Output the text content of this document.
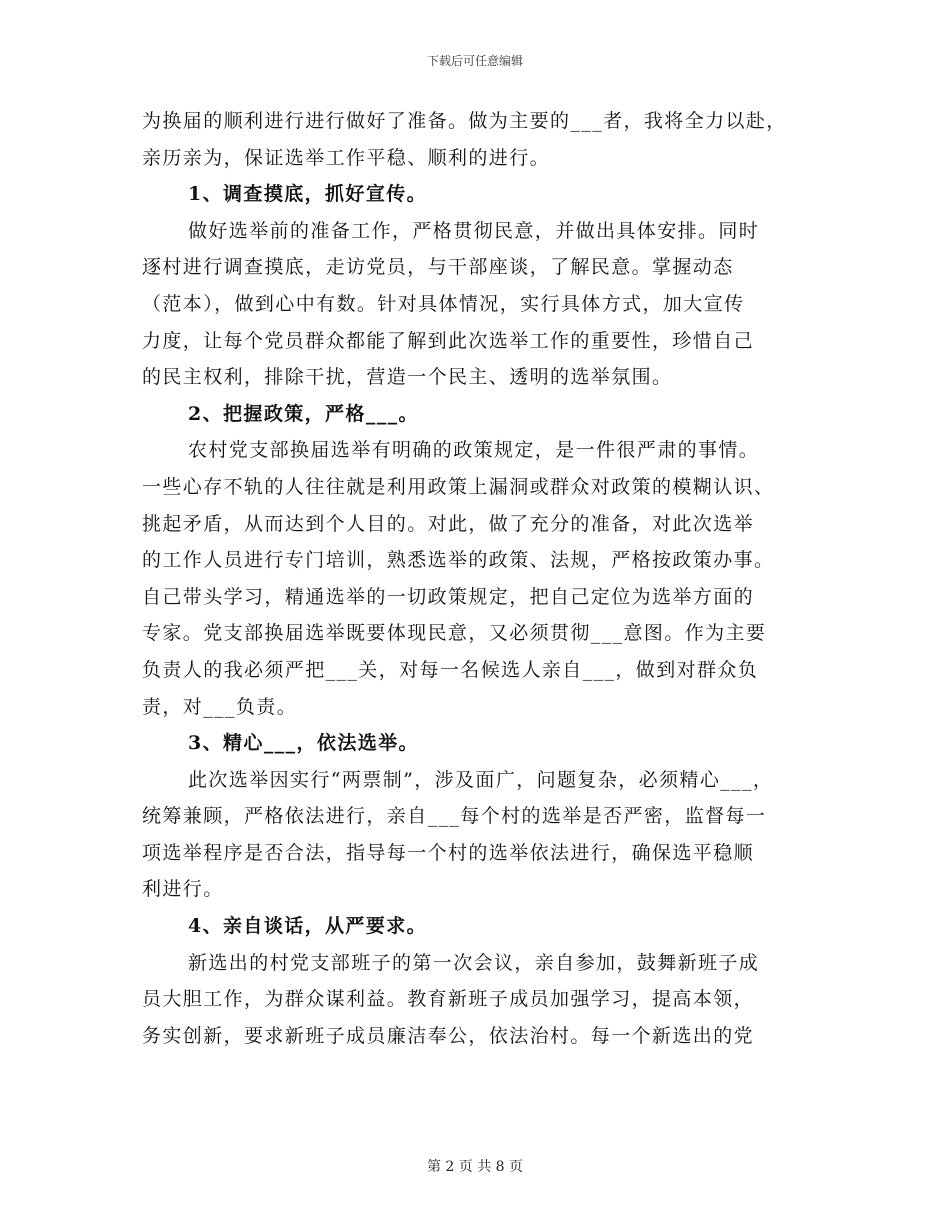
下载后可任意编辑
为换届的顺利进行进行做好了准备。做为主要的___者，我将全力以赴，
亲历亲为，保证选举工作平稳、顺利的进行。
1、调查摸底，抓好宣传。
做好选举前的准备工作，严格贯彻民意，并做出具体安排。同时
逐村进行调查摸底，走访党员，与干部座谈，了解民意。掌握动态
（范本），做到心中有数。针对具体情况，实行具体方式，加大宣传
力度，让每个党员群众都能了解到此次选举工作的重要性，珍惜自己
的民主权利，排除干扰，营造一个民主、透明的选举氛围。
2、把握政策，严格___。
农村党支部换届选举有明确的政策规定，是一件很严肃的事情。
一些心存不轨的人往往就是利用政策上漏洞或群众对政策的模糊认识、
挑起矛盾，从而达到个人目的。对此，做了充分的准备，对此次选举
的工作人员进行专门培训，熟悉选举的政策、法规，严格按政策办事。
自己带头学习，精通选举的一切政策规定，把自己定位为选举方面的
专家。党支部换届选举既要体现民意，又必须贯彻___意图。作为主要
负责人的我必须严把___关，对每一名候选人亲自___，做到对群众负
责，对___负责。
3、精心___，依法选举。
此次选举因实行“两票制”，涉及面广，问题复杂，必须精心___，
统筹兼顾，严格依法进行，亲自___每个村的选举是否严密，监督每一
项选举程序是否合法，指导每一个村的选举依法进行，确保选平稳顺
利进行。
4、亲自谈话，从严要求。
新选出的村党支部班子的第一次会议，亲自参加，鼓舞新班子成
员大胆工作，为群众谋利益。教育新班子成员加强学习，提高本领，
务实创新，要求新班子成员廉洁奉公，依法治村。每一个新选出的党
第 2 页 共 8 页
